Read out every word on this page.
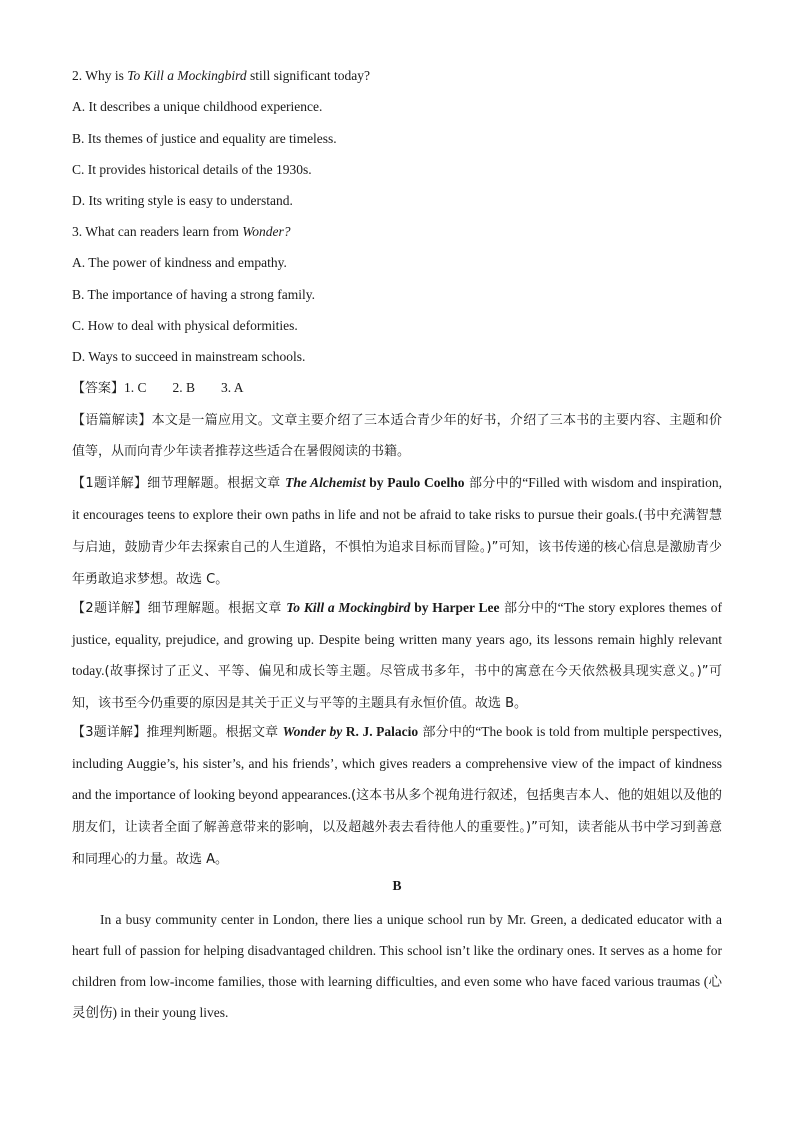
2. Why is To Kill a Mockingbird still significant today?
A. It describes a unique childhood experience.
B. Its themes of justice and equality are timeless.
C. It provides historical details of the 1930s.
D. Its writing style is easy to understand.
3. What can readers learn from Wonder?
A. The power of kindness and empathy.
B. The importance of having a strong family.
C. How to deal with physical deformities.
D. Ways to succeed in mainstream schools.
【答案】1. C 2. B 3. A
【语篇解读】本文是一篇应用文。文章主要介绍了三本适合青少年的好书，介绍了三本书的主要内容、主题和价值等，从而向青少年读者推荐这些适合在暑假阅读的书籍。
【1题详解】细节理解题。根据文章 The Alchemist by Paulo Coelho 部分中的“Filled with wisdom and inspiration, it encourages teens to explore their own paths in life and not be afraid to take risks to pursue their goals.(书中充满智慧与启迪，鼓励青少年去探索自己的人生道路，不惧怕为追求目标而冒险。)”可知，该书传递的核心信息是激励青少年勇敢追求梦想。故选 C。
【2题详解】细节理解题。根据文章 To Kill a Mockingbird by Harper Lee 部分中的“The story explores themes of justice, equality, prejudice, and growing up. Despite being written many years ago, its lessons remain highly relevant today.(故事探讨了正义、平等、偏见和成长等主题。尽管成书多年，书中的寓意在今天依然极具现实意义。)”可知，该书至今仍重要的原因是其关于正义与平等的主题具有永恒价值。故选 B。
【3题详解】推理判断题。根据文章 Wonder by R. J. Palacio 部分中的“The book is told from multiple perspectives, including Auggie’s, his sister’s, and his friends’, which gives readers a comprehensive view of the impact of kindness and the importance of looking beyond appearances.(这本书从多个视角进行叙述，包括奥吉本人、他的姐姐以及他的朋友们，让读者全面了解善意带来的影响，以及超越外表去看待他人的重要性。)”可知，读者能从书中学习到善意和同理心的力量。故选 A。
B
In a busy community center in London, there lies a unique school run by Mr. Green, a dedicated educator with a heart full of passion for helping disadvantaged children. This school isn’t like the ordinary ones. It serves as a home for children from low-income families, those with learning difficulties, and even some who have faced various traumas (心灵创伤) in their young lives.
